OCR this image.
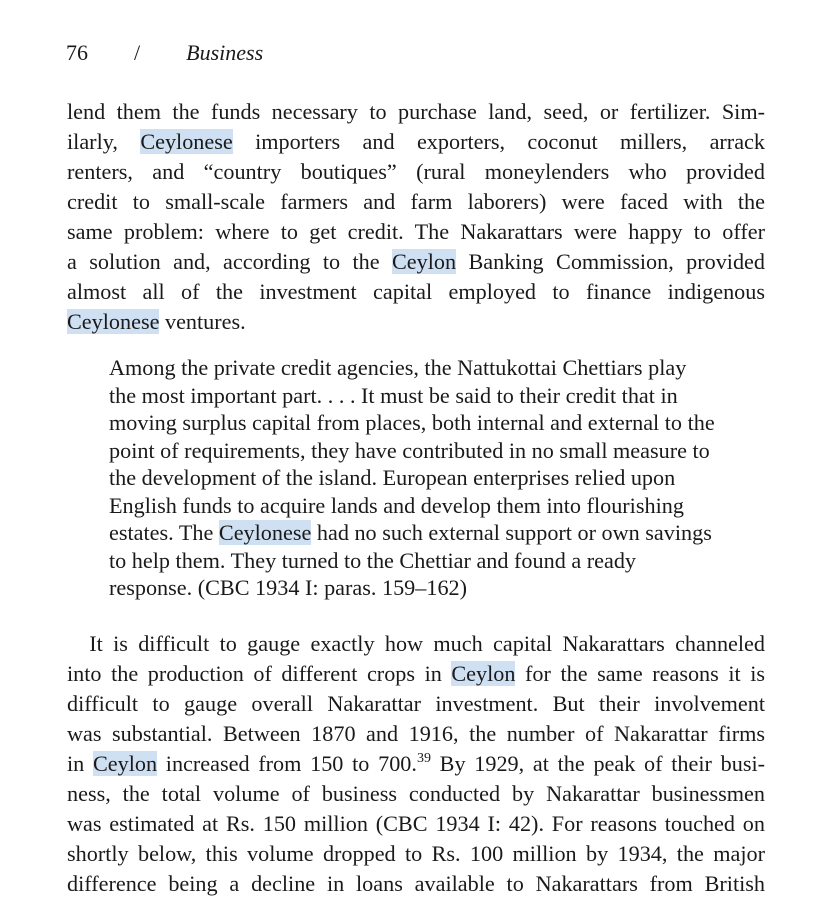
76 / Business
lend them the funds necessary to purchase land, seed, or fertilizer. Sim-
ilarly, Ceylonese importers and exporters, coconut millers, arrack
renters, and “country boutiques” (rural moneylenders who provided
credit to small-scale farmers and farm laborers) were faced with the
same problem: where to get credit. The Nakarattars were happy to offer
a solution and, according to the Ceylon Banking Commission, provided
almost all of the investment capital employed to finance indigenous
Ceylonese ventures.
Among the private credit agencies, the Nattukottai Chettiars play
the most important part. . . . It must be said to their credit that in
moving surplus capital from places, both internal and external to the
point of requirements, they have contributed in no small measure to
the development of the island. European enterprises relied upon
English funds to acquire lands and develop them into flourishing
estates. The Ceylonese had no such external support or own savings
to help them. They turned to the Chettiar and found a ready
response. (CBC 1934 I: paras. 159–162)
 It is difficult to gauge exactly how much capital Nakarattars channeled
into the production of different crops in Ceylon for the same reasons it is
difficult to gauge overall Nakarattar investment. But their involvement
was substantial. Between 1870 and 1916, the number of Nakarattar firms
in Ceylon increased from 150 to 700.39 By 1929, at the peak of their busi-
ness, the total volume of business conducted by Nakarattar businessmen
was estimated at Rs. 150 million (CBC 1934 I: 42). For reasons touched on
shortly below, this volume dropped to Rs. 100 million by 1934, the major
difference being a decline in loans available to Nakarattars from British
